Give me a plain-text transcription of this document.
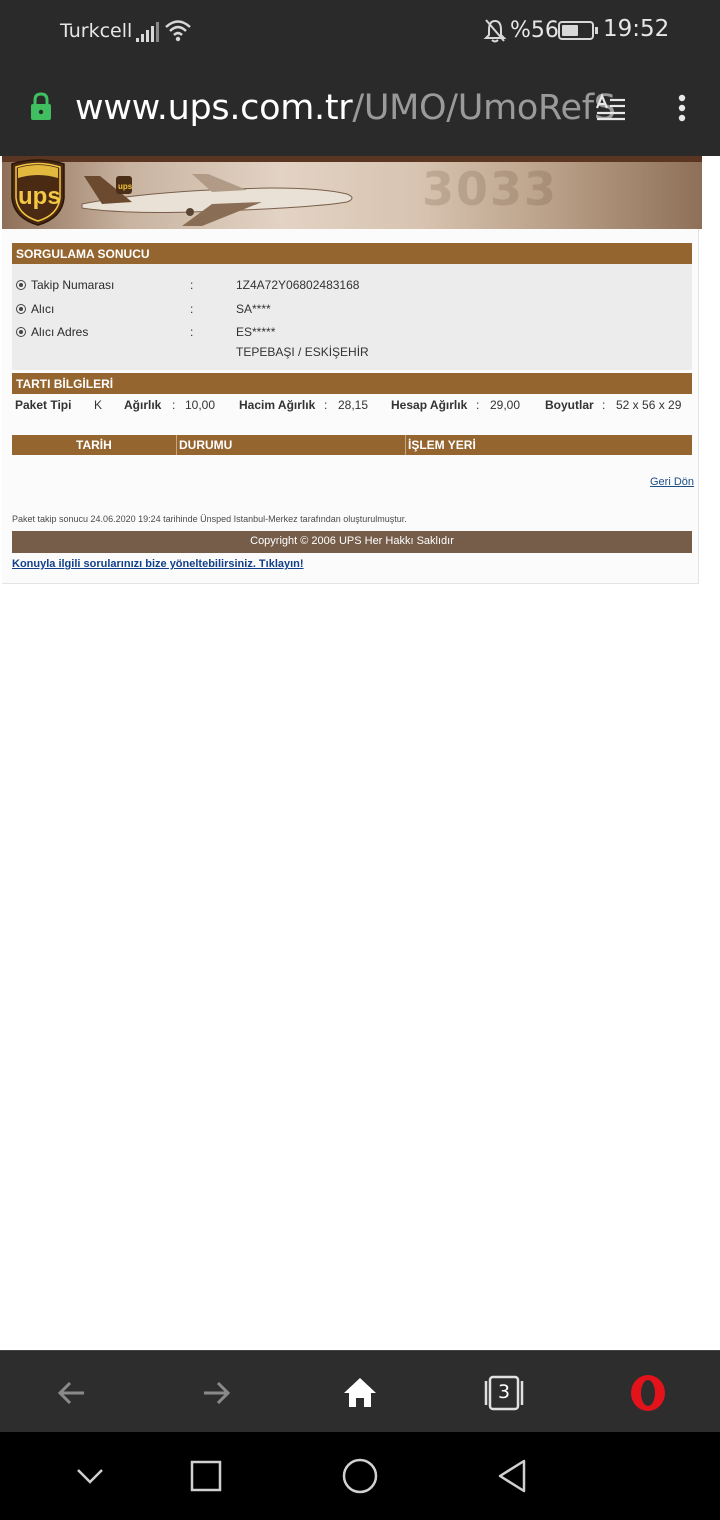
Turkcell	%56 19:52
www.ups.com.tr/UMO/UmoRefS
3033
ups
ups
SORGULAMA SONUCU
Takip Numarası	:	1Z4A72Y06802483168
Alıcı	:	SA****
Alıcı Adres	:	ES*****
TEPEBAŞI / ESKİŞEHİR
TARTI BİLGİLERİ
Paket Tipi K Ağırlık : 10,00 Hacim Ağırlık : 28,15 Hesap Ağırlık : 29,00 Boyutlar : 52 x 56 x 29
TARİH	DURUMU	İŞLEM YERİ
Geri Dön
Paket takip sonucu 24.06.2020 19:24 tarihinde Ünsped Istanbul-Merkez tarafından oluşturulmuştur.
Copyright © 2006 UPS Her Hakkı Saklıdır
Konuyla ilgili sorularınızı bize yöneltebilirsiniz. Tıklayın!
3
